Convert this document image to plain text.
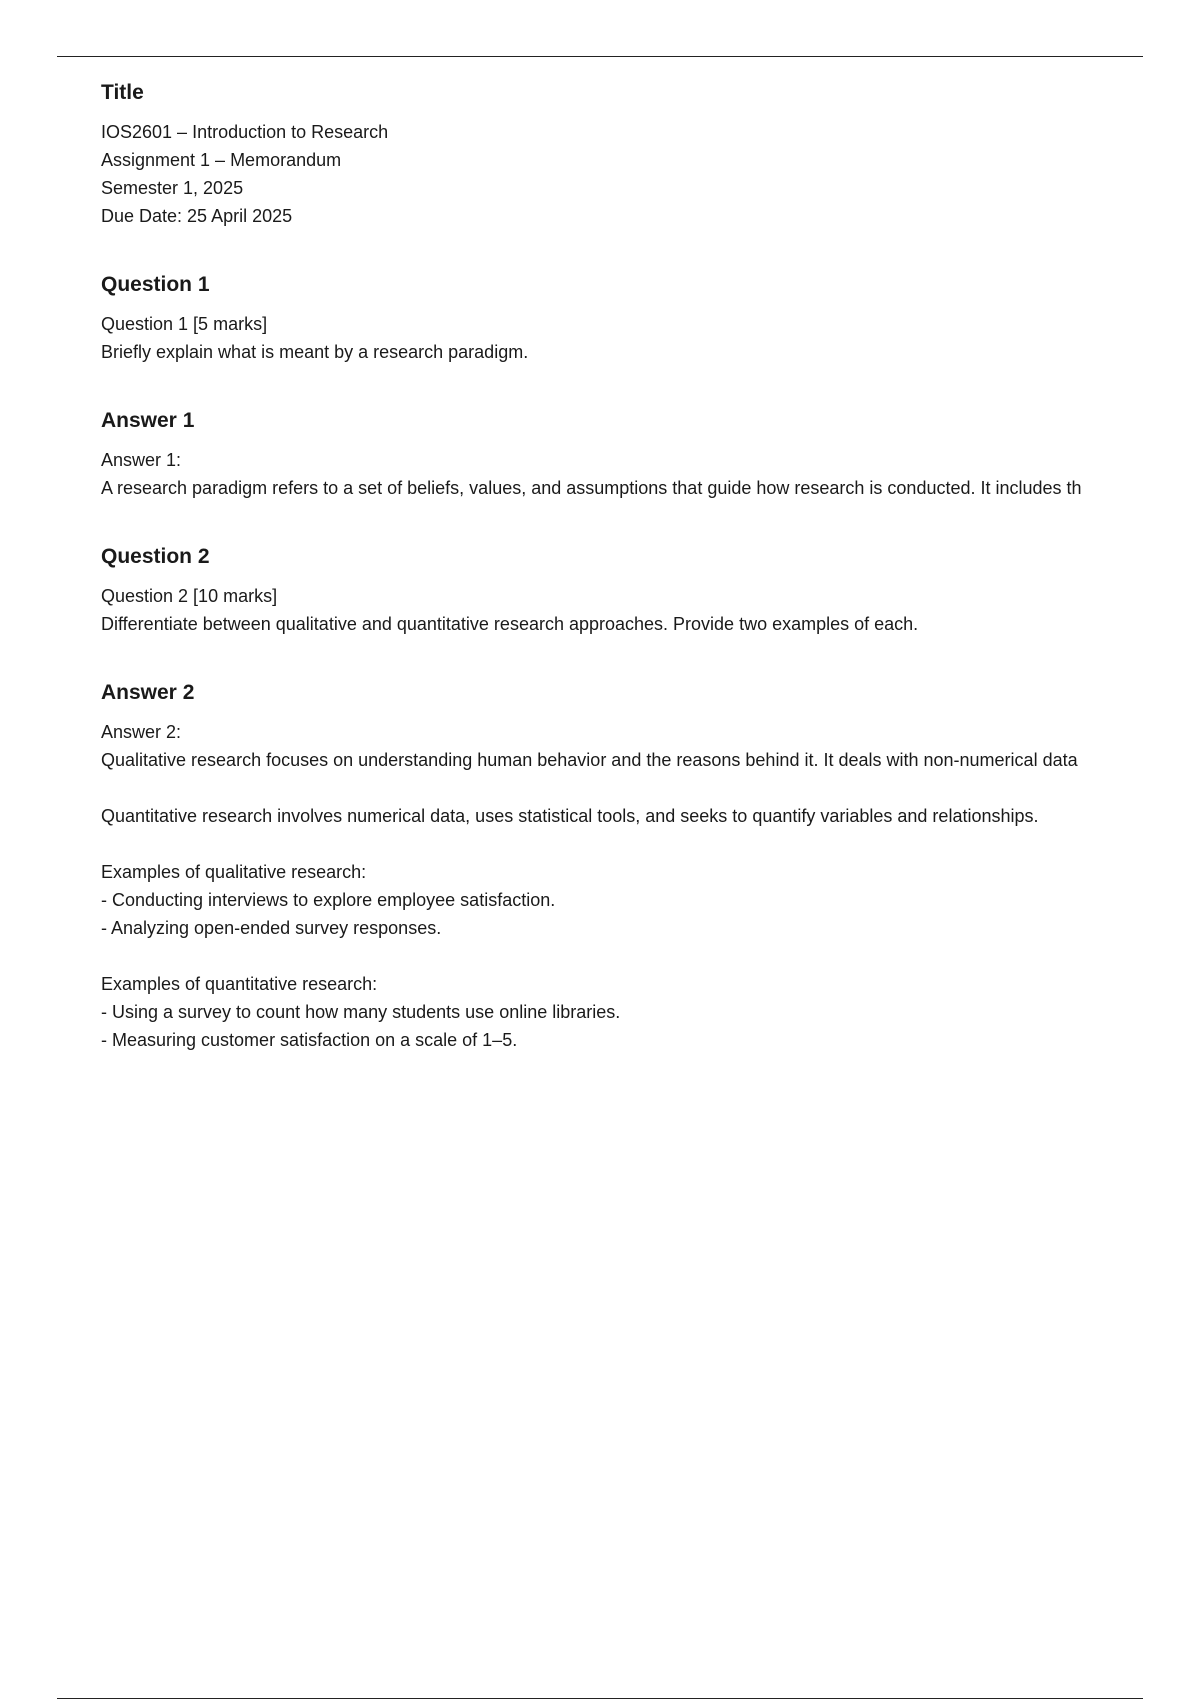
Title
IOS2601 – Introduction to Research
Assignment 1 – Memorandum
Semester 1, 2025
Due Date: 25 April 2025
Question 1
Question 1 [5 marks]
Briefly explain what is meant by a research paradigm.
Answer 1
Answer 1:
A research paradigm refers to a set of beliefs, values, and assumptions that guide how research is conducted. It includes th
Question 2
Question 2 [10 marks]
Differentiate between qualitative and quantitative research approaches. Provide two examples of each.
Answer 2
Answer 2:
Qualitative research focuses on understanding human behavior and the reasons behind it. It deals with non-numerical data
Quantitative research involves numerical data, uses statistical tools, and seeks to quantify variables and relationships.
Examples of qualitative research:
- Conducting interviews to explore employee satisfaction.
- Analyzing open-ended survey responses.
Examples of quantitative research:
- Using a survey to count how many students use online libraries.
- Measuring customer satisfaction on a scale of 1–5.
